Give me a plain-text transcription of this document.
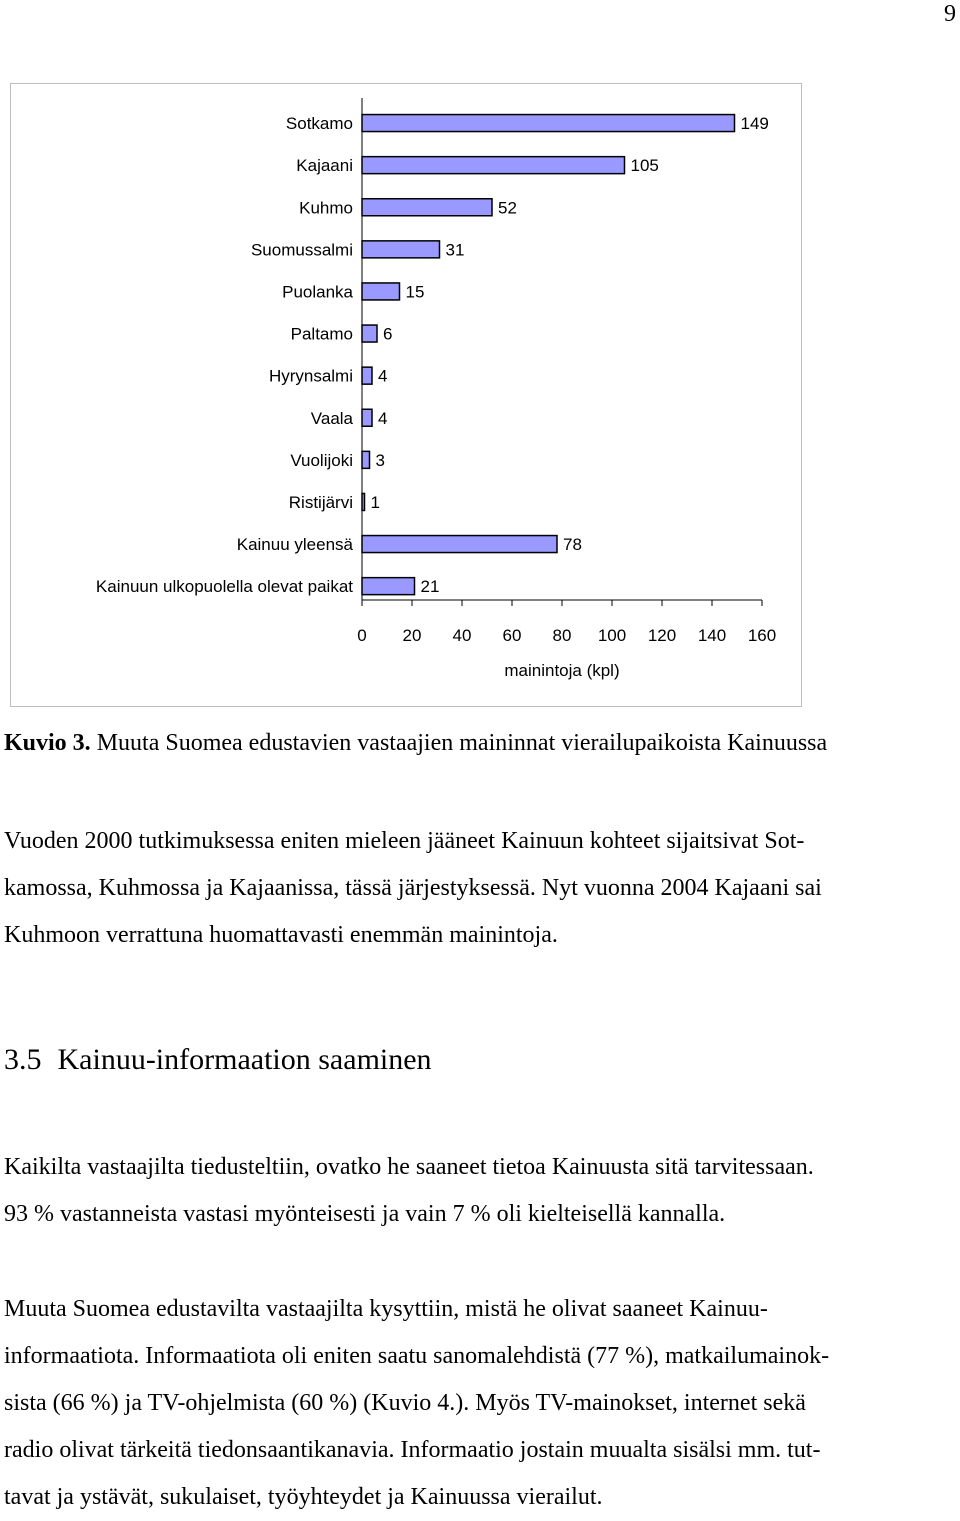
9
Sotkamo	149
Kajaani	105
Kuhmo	52
Suomussalmi	31
Puolanka	15
Paltamo 6
Hyrynsalmi 4
Vaala 4
Vuolijoki 3
Ristijärvi 1
Kainuu yleensä	78
Kainuun ulkopuolella olevat paikat	21
0 20 40 60 80 100 120 140 160
mainintoja (kpl)
Kuvio 3. Muuta Suomea edustavien vastaajien maininnat vierailupaikoista Kainuussa
Vuoden 2000 tutkimuksessa eniten mieleen jääneet Kainuun kohteet sijaitsivat Sot-
kamossa, Kuhmossa ja Kajaanissa, tässä järjestyksessä. Nyt vuonna 2004 Kajaani sai
Kuhmoon verrattuna huomattavasti enemmän mainintoja.
3.5 Kainuu-informaation saaminen
Kaikilta vastaajilta tiedusteltiin, ovatko he saaneet tietoa Kainuusta sitä tarvitessaan.
93 % vastanneista vastasi myönteisesti ja vain 7 % oli kielteisellä kannalla.
Muuta Suomea edustavilta vastaajilta kysyttiin, mistä he olivat saaneet Kainuu-
informaatiota. Informaatiota oli eniten saatu sanomalehdistä (77 %), matkailumainok-
sista (66 %) ja TV-ohjelmista (60 %) (Kuvio 4.). Myös TV-mainokset, internet sekä
radio olivat tärkeitä tiedonsaantikanavia. Informaatio jostain muualta sisälsi mm. tut-
tavat ja ystävät, sukulaiset, työyhteydet ja Kainuussa vierailut.
